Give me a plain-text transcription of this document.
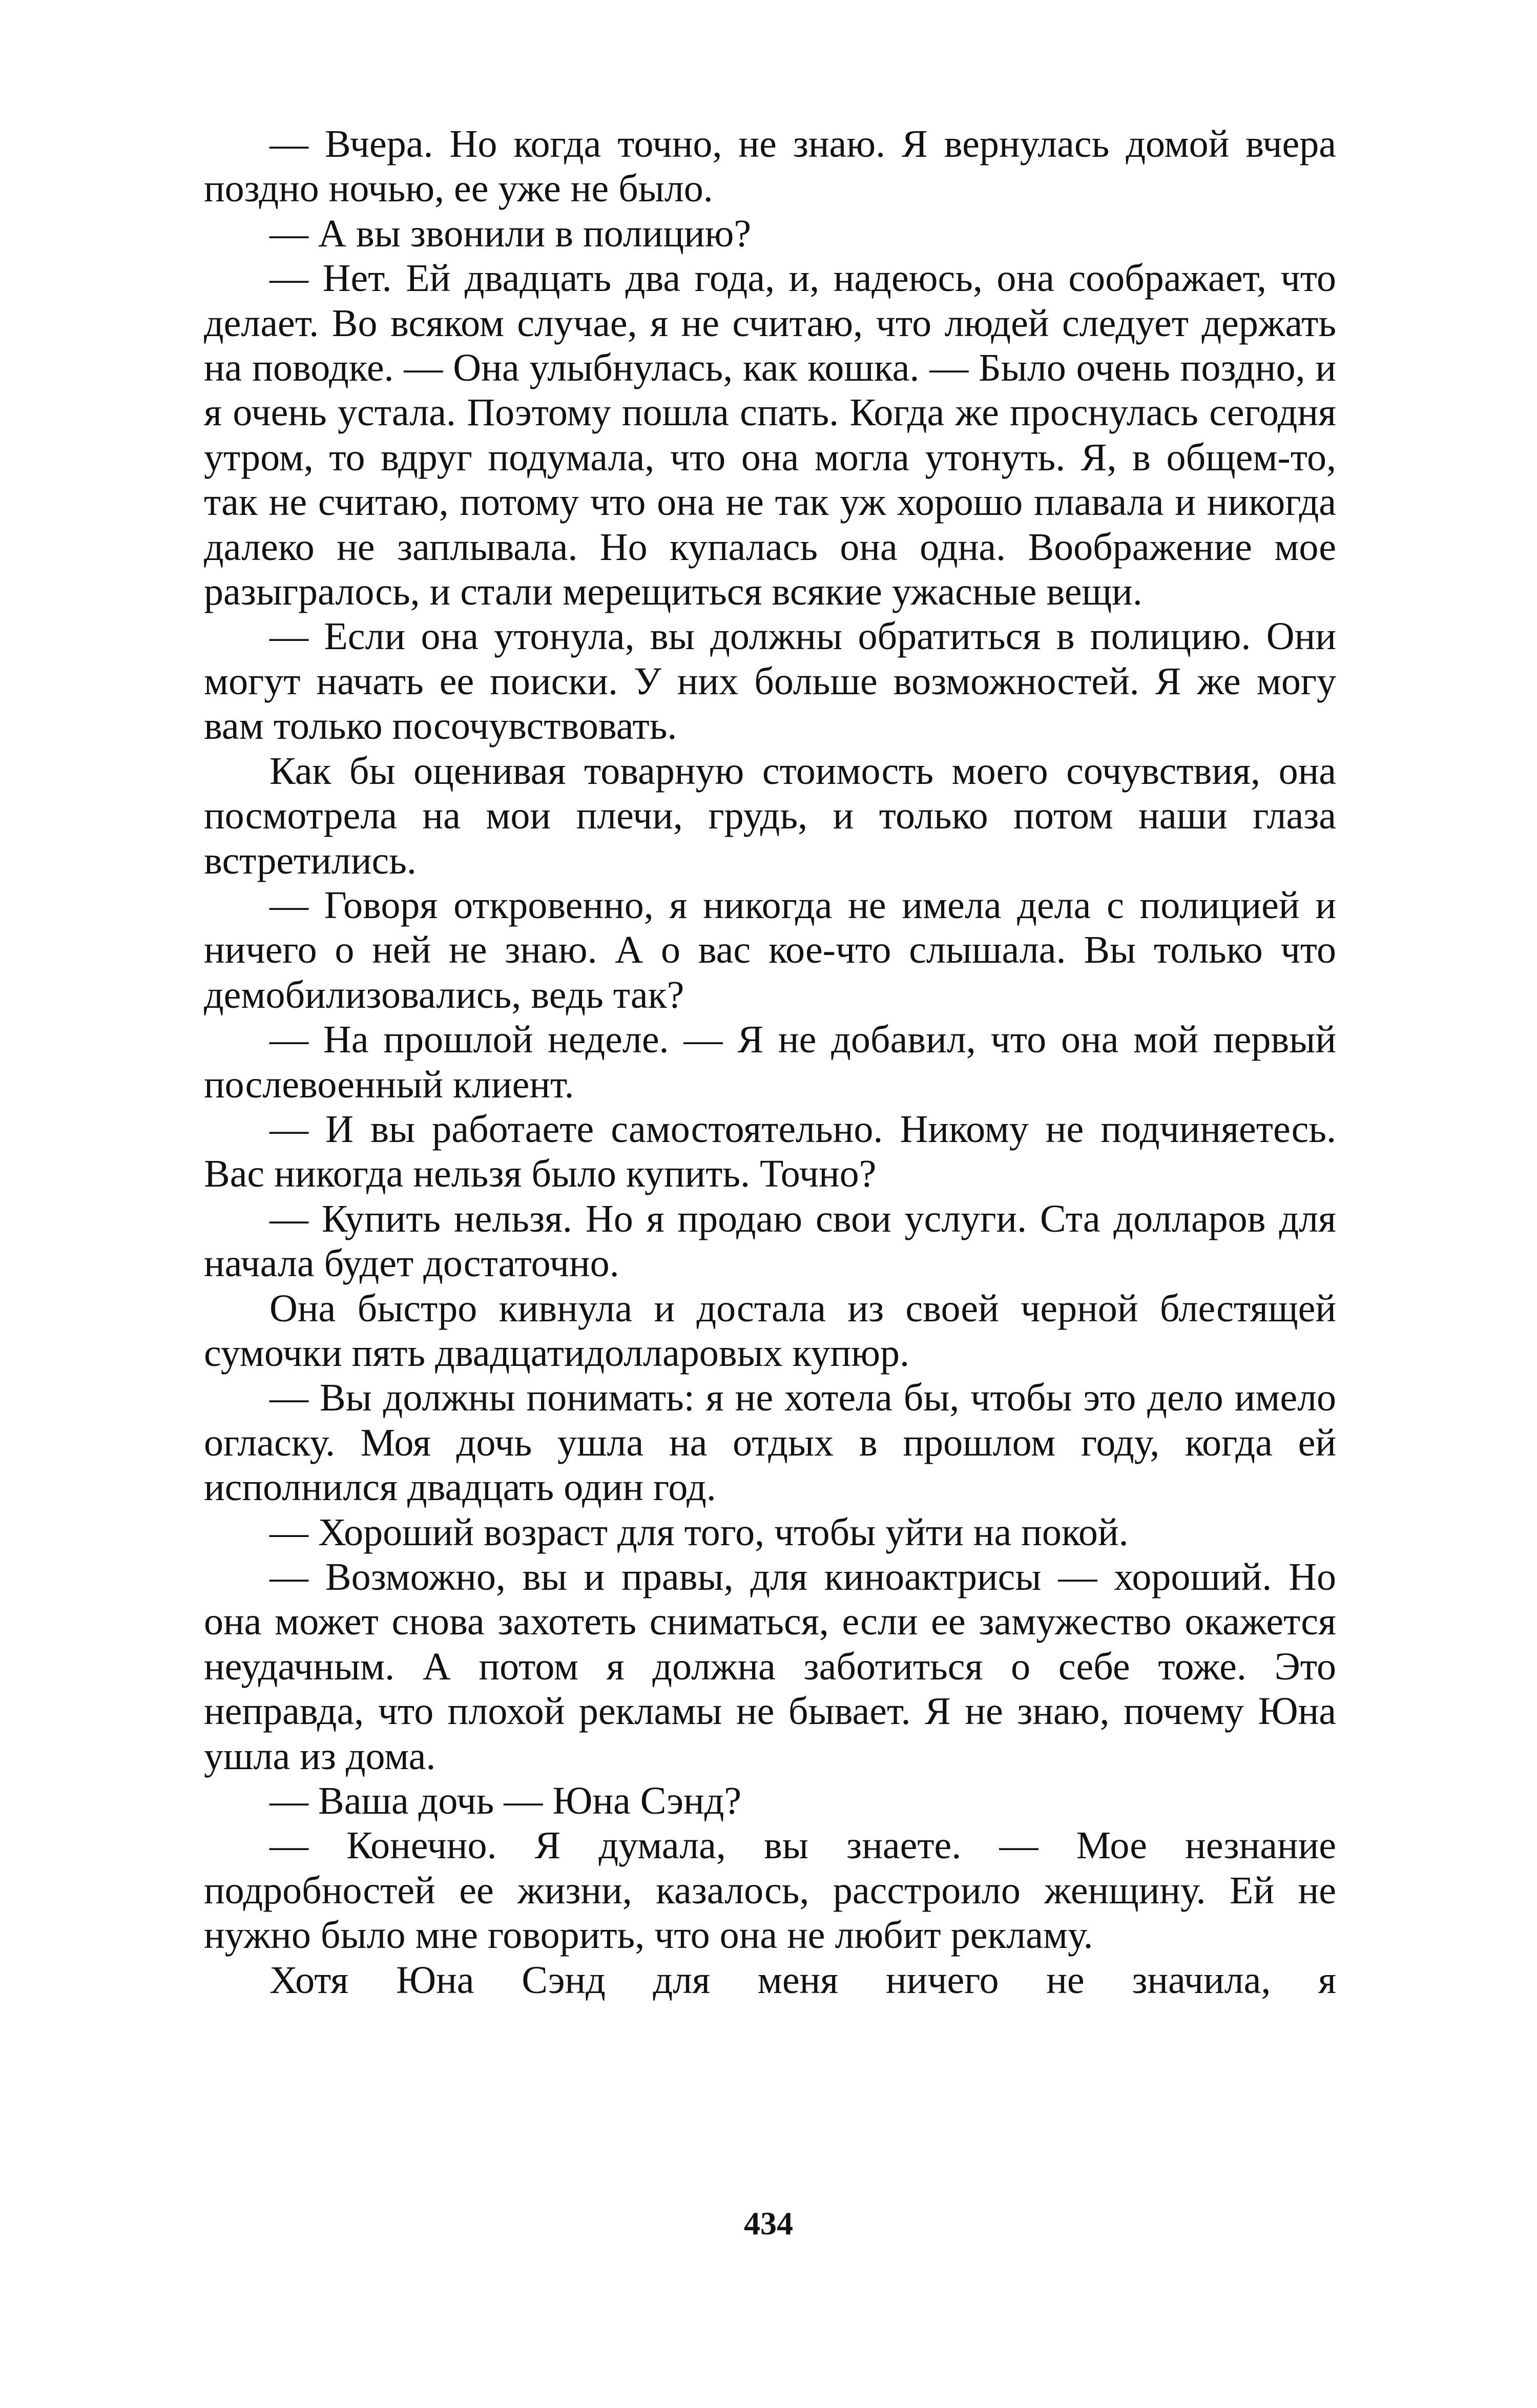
— Вчера. Но когда точно, не знаю. Я вернулась домой вчера поздно ночью, ее уже не было.

— А вы звонили в полицию?

— Нет. Ей двадцать два года, и, надеюсь, она соображает, что делает. Во всяком случае, я не считаю, что людей следует держать на поводке. — Она улыбнулась, как кошка. — Было очень поздно, и я очень устала. Поэтому пошла спать. Когда же проснулась сегодня утром, то вдруг подумала, что она могла утонуть. Я, в общем-то, так не считаю, потому что она не так уж хорошо плавала и никогда далеко не заплывала. Но купалась она одна. Воображение мое разыгралось, и стали мерещиться всякие ужасные вещи.

— Если она утонула, вы должны обратиться в полицию. Они могут начать ее поиски. У них больше возможностей. Я же могу вам только посочувствовать.

Как бы оценивая товарную стоимость моего сочувствия, она посмотрела на мои плечи, грудь, и только потом наши глаза встретились.

— Говоря откровенно, я никогда не имела дела с полицией и ничего о ней не знаю. А о вас кое-что слышала. Вы только что демобилизовались, ведь так?

— На прошлой неделе. — Я не добавил, что она мой первый послевоенный клиент.

— И вы работаете самостоятельно. Никому не подчиняетесь. Вас никогда нельзя было купить. Точно?

— Купить нельзя. Но я продаю свои услуги. Ста долларов для начала будет достаточно.

Она быстро кивнула и достала из своей черной блестящей сумочки пять двадцатидолларовых купюр.

— Вы должны понимать: я не хотела бы, чтобы это дело имело огласку. Моя дочь ушла на отдых в прошлом году, когда ей исполнился двадцать один год.

— Хороший возраст для того, чтобы уйти на покой.

— Возможно, вы и правы, для киноактрисы — хороший. Но она может снова захотеть сниматься, если ее замужество окажется неудачным. А потом я должна заботиться о себе тоже. Это неправда, что плохой рекламы не бывает. Я не знаю, почему Юна ушла из дома.

— Ваша дочь — Юна Сэнд?

— Конечно. Я думала, вы знаете. — Мое незнание подробностей ее жизни, казалось, расстроило женщину. Ей не нужно было мне говорить, что она не любит рекламу.

Хотя Юна Сэнд для меня ничего не значила, я

434
